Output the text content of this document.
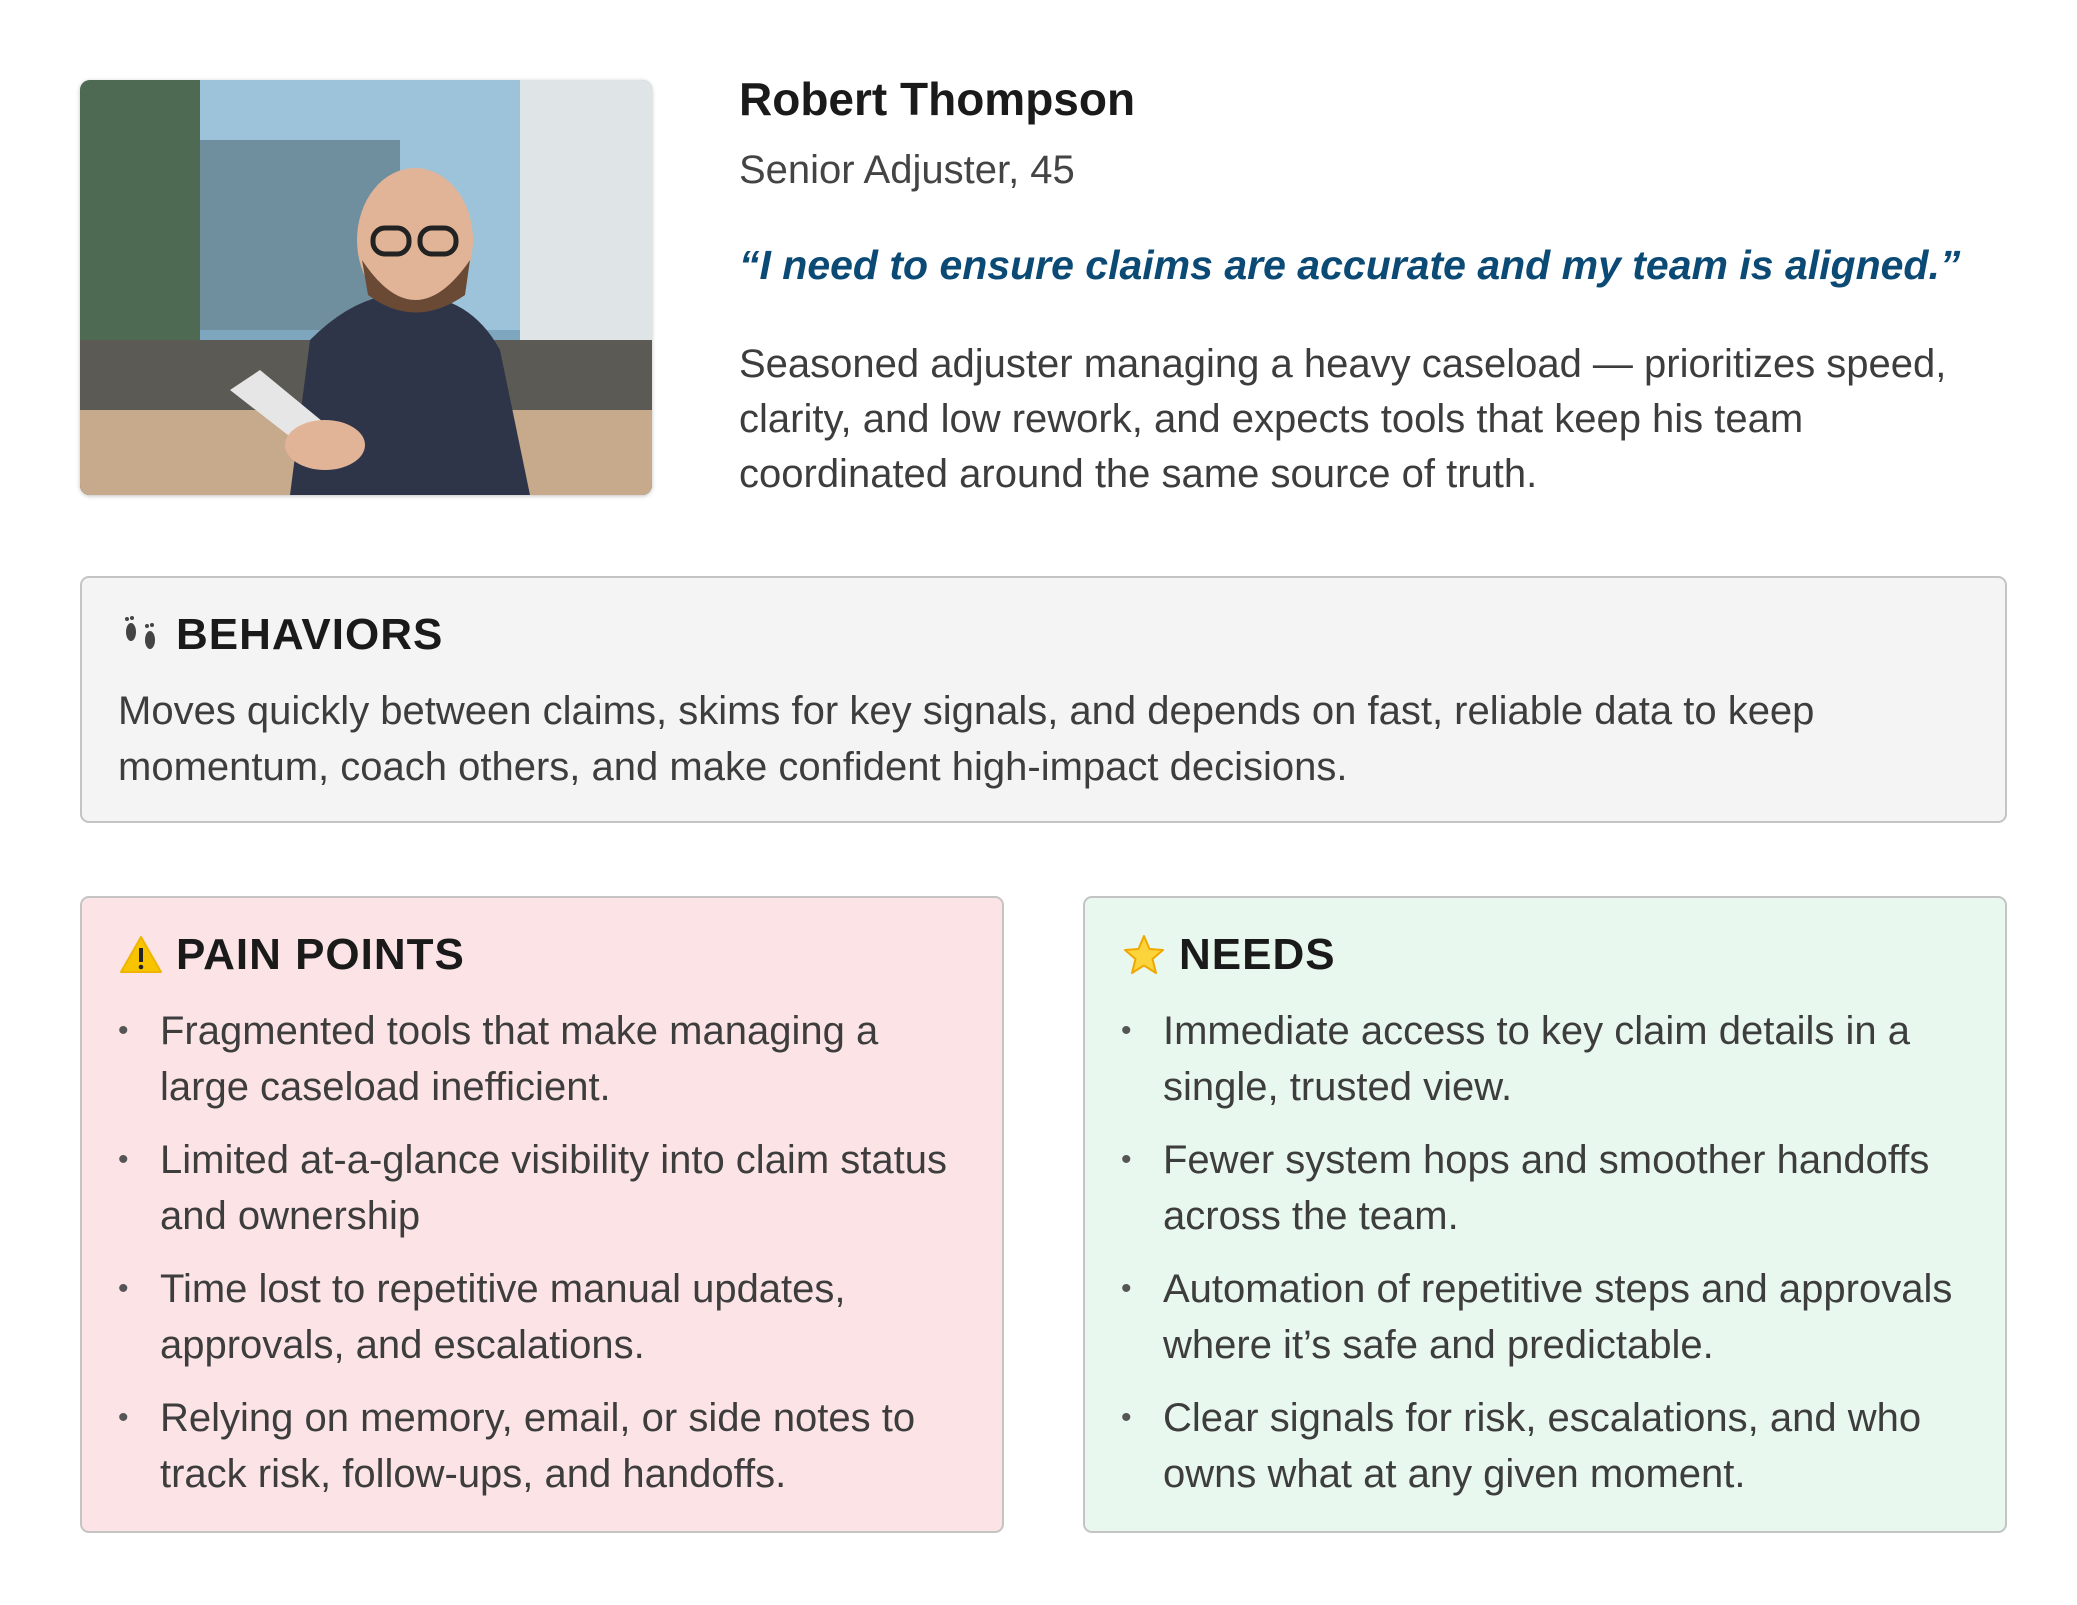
Robert Thompson
Senior Adjuster, 45
“I need to ensure claims are accurate and my team is aligned.”
Seasoned adjuster managing a heavy caseload — prioritizes speed, clarity, and low rework, and expects tools that keep his team coordinated around the same source of truth.
BEHAVIORS
Moves quickly between claims, skims for key signals, and depends on fast, reliable data to keep momentum, coach others, and make confident high-impact decisions.
PAIN POINTS
• Fragmented tools that make managing a large caseload inefficient.
• Limited at-a-glance visibility into claim status and ownership
• Time lost to repetitive manual updates, approvals, and escalations.
• Relying on memory, email, or side notes to track risk, follow-ups, and handoffs.
NEEDS
• Immediate access to key claim details in a single, trusted view.
• Fewer system hops and smoother handoffs across the team.
• Automation of repetitive steps and approvals where it’s safe and predictable.
• Clear signals for risk, escalations, and who owns what at any given moment.
